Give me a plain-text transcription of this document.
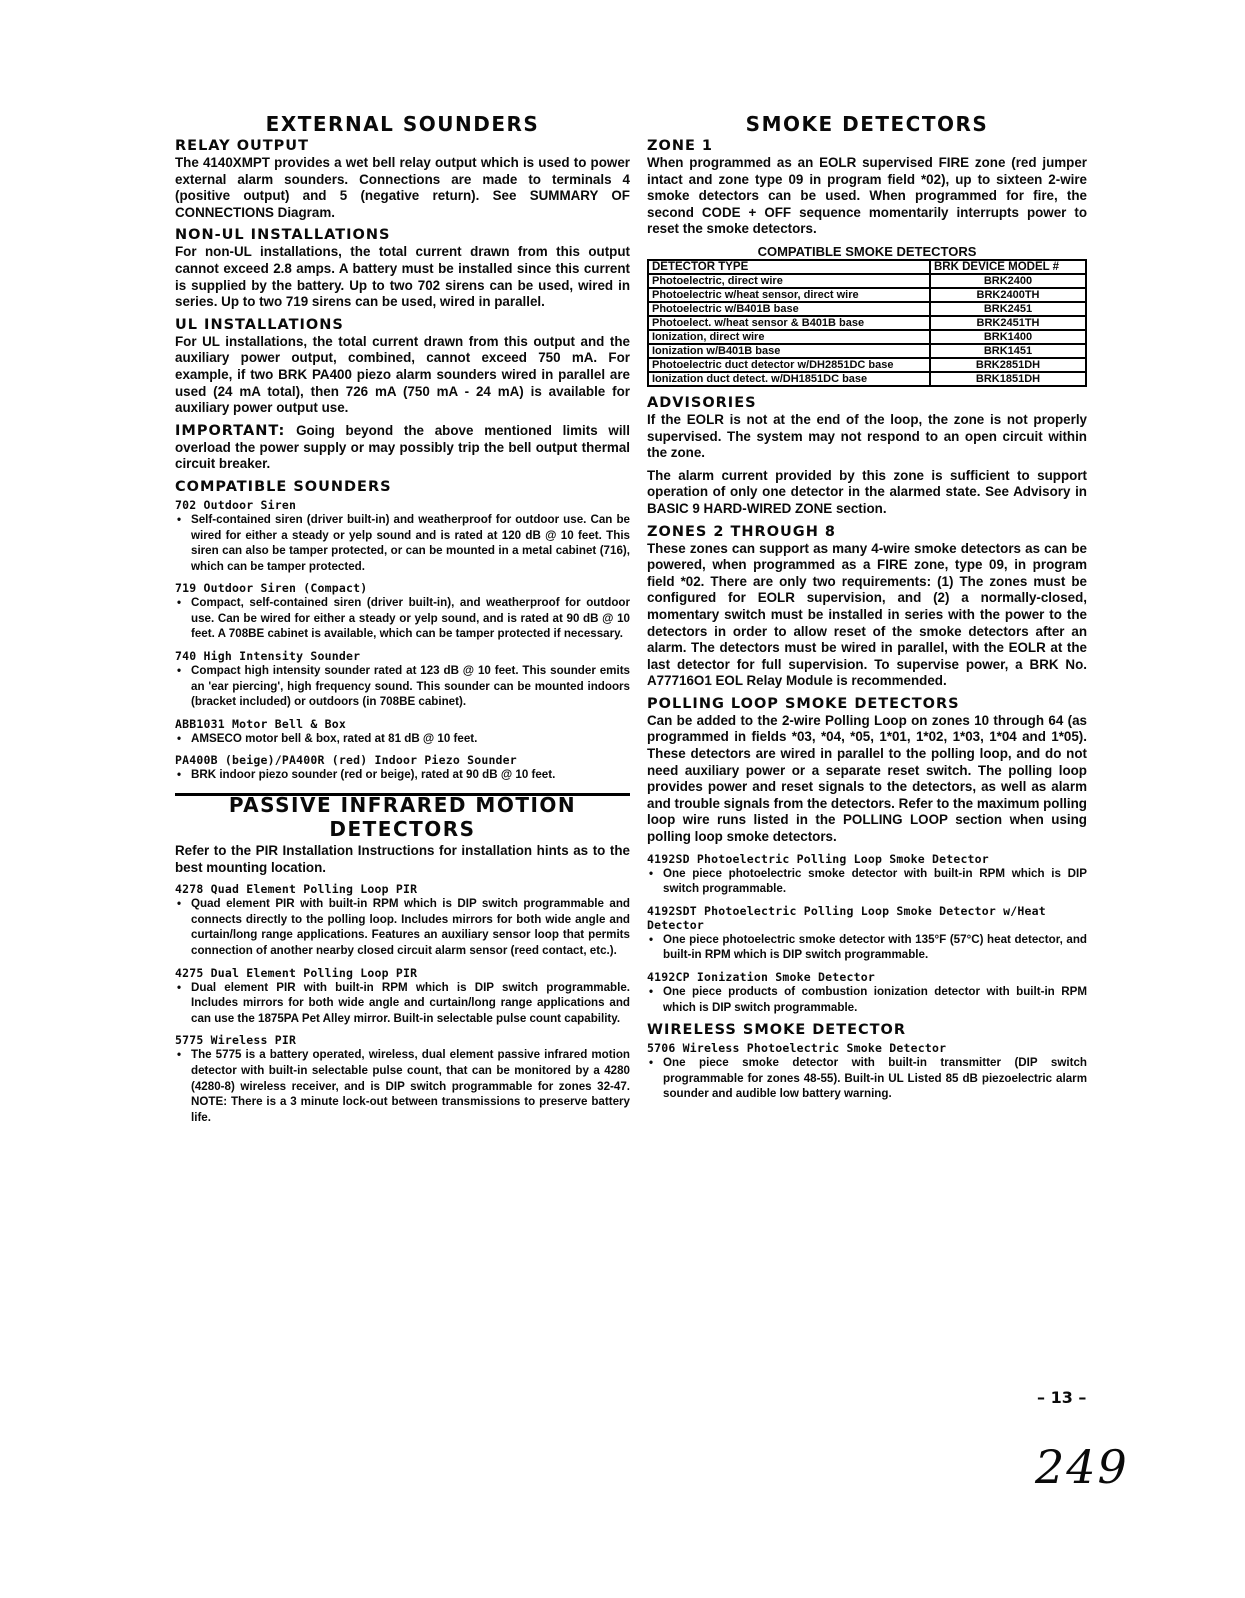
EXTERNAL SOUNDERS
RELAY OUTPUT

The 4140XMPT provides a wet bell relay output which is used to power external alarm sounders. Connections are made to terminals 4 (positive output) and 5 (negative return). See SUMMARY OF CONNECTIONS Diagram.

NON-UL INSTALLATIONS

For non-UL installations, the total current drawn from this output cannot exceed 2.8 amps. A battery must be installed since this current is supplied by the battery. Up to two 702 sirens can be used, wired in series. Up to two 719 sirens can be used, wired in parallel.

UL INSTALLATIONS

For UL installations, the total current drawn from this output and the auxiliary power output, combined, cannot exceed 750 mA. For example, if two BRK PA400 piezo alarm sounders wired in parallel are used (24 mA total), then 726 mA (750 mA - 24 mA) is available for auxiliary power output use.

IMPORTANT: Going beyond the above mentioned limits will overload the power supply or may possibly trip the bell output thermal circuit breaker.

COMPATIBLE SOUNDERS

702 Outdoor Siren

• Self-contained siren (driver built-in) and weatherproof for outdoor use. Can be wired for either a steady or yelp sound and is rated at 120 dB @ 10 feet. This siren can also be tamper protected, or can be mounted in a metal cabinet (716), which can be tamper protected.

719 Outdoor Siren (Compact)

• Compact, self-contained siren (driver built-in), and weatherproof for outdoor use. Can be wired for either a steady or yelp sound, and is rated at 90 dB @ 10 feet. A 708BE cabinet is available, which can be tamper protected if necessary.

740 High Intensity Sounder

• Compact high intensity sounder rated at 123 dB @ 10 feet. This sounder emits an 'ear piercing', high frequency sound. This sounder can be mounted indoors (bracket included) or outdoors (in 708BE cabinet).

ABB1031 Motor Bell & Box

• AMSECO motor bell & box, rated at 81 dB @ 10 feet.

PA400B (beige)/PA400R (red) Indoor Piezo Sounder

• BRK indoor piezo sounder (red or beige), rated at 90 dB @ 10 feet.
PASSIVE INFRARED MOTION
DETECTORS

Refer to the PIR Installation Instructions for installation hints as to the best mounting location.

4278 Quad Element Polling Loop PIR

• Quad element PIR with built-in RPM which is DIP switch programmable and connects directly to the polling loop. Includes mirrors for both wide angle and curtain/long range applications. Features an auxiliary sensor loop that permits connection of another nearby closed circuit alarm sensor (reed contact, etc.).

4275 Dual Element Polling Loop PIR

• Dual element PIR with built-in RPM which is DIP switch programmable. Includes mirrors for both wide angle and curtain/long range applications and can use the 1875PA Pet Alley mirror. Built-in selectable pulse count capability.

5775 Wireless PIR

• The 5775 is a battery operated, wireless, dual element passive infrared motion detector with built-in selectable pulse count, that can be monitored by a 4280 (4280-8) wireless receiver, and is DIP switch programmable for zones 32-47. NOTE: There is a 3 minute lock-out between transmissions to preserve battery life.
SMOKE DETECTORS
ZONE 1

When programmed as an EOLR supervised FIRE zone (red jumper intact and zone type 09 in program field *02), up to sixteen 2-wire smoke detectors can be used. When programmed for fire, the second CODE + OFF sequence momentarily interrupts power to reset the smoke detectors.

COMPATIBLE SMOKE DETECTORS

DETECTOR TYPE	BRK DEVICE MODEL #
Photoelectric, direct wire	BRK2400
Photoelectric w/heat sensor, direct wire	BRK2400TH
Photoelectric w/B401B base	BRK2451
Photoelect. w/heat sensor & B401B base	BRK2451TH
Ionization, direct wire	BRK1400
Ionization w/B401B base	BRK1451
Photoelectric duct detector w/DH2851DC base	BRK2851DH
Ionization duct detect. w/DH1851DC base	BRK1851DH
ADVISORIES

If the EOLR is not at the end of the loop, the zone is not properly supervised. The system may not respond to an open circuit within the zone.

The alarm current provided by this zone is sufficient to support operation of only one detector in the alarmed state. See Advisory in BASIC 9 HARD-WIRED ZONE section.

ZONES 2 THROUGH 8

These zones can support as many 4-wire smoke detectors as can be powered, when programmed as a FIRE zone, type 09, in program field *02. There are only two requirements: (1) The zones must be configured for EOLR supervision, and (2) a normally-closed, momentary switch must be installed in series with the power to the detectors in order to allow reset of the smoke detectors after an alarm. The detectors must be wired in parallel, with the EOLR at the last detector for full supervision. To supervise power, a BRK No. A77716O1 EOL Relay Module is recommended.

POLLING LOOP SMOKE DETECTORS

Can be added to the 2-wire Polling Loop on zones 10 through 64 (as programmed in fields *03, *04, *05, 1*01, 1*02, 1*03, 1*04 and 1*05). These detectors are wired in parallel to the polling loop, and do not need auxiliary power or a separate reset switch. The polling loop provides power and reset signals to the detectors, as well as alarm and trouble signals from the detectors. Refer to the maximum polling loop wire runs listed in the POLLING LOOP section when using polling loop smoke detectors.

4192SD Photoelectric Polling Loop Smoke Detector

• One piece photoelectric smoke detector with built-in RPM which is DIP switch programmable.

4192SDT Photoelectric Polling Loop Smoke Detector w/Heat Detector

• One piece photoelectric smoke detector with 135°F (57°C) heat detector, and built-in RPM which is DIP switch programmable.

4192CP Ionization Smoke Detector

• One piece products of combustion ionization detector with built-in RPM which is DIP switch programmable.
WIRELESS SMOKE DETECTOR

5706 Wireless Photoelectric Smoke Detector

• One piece smoke detector with built-in transmitter (DIP switch programmable for zones 48-55). Built-in UL Listed 85 dB piezoelectric alarm sounder and audible low battery warning.
– 13 –
249
